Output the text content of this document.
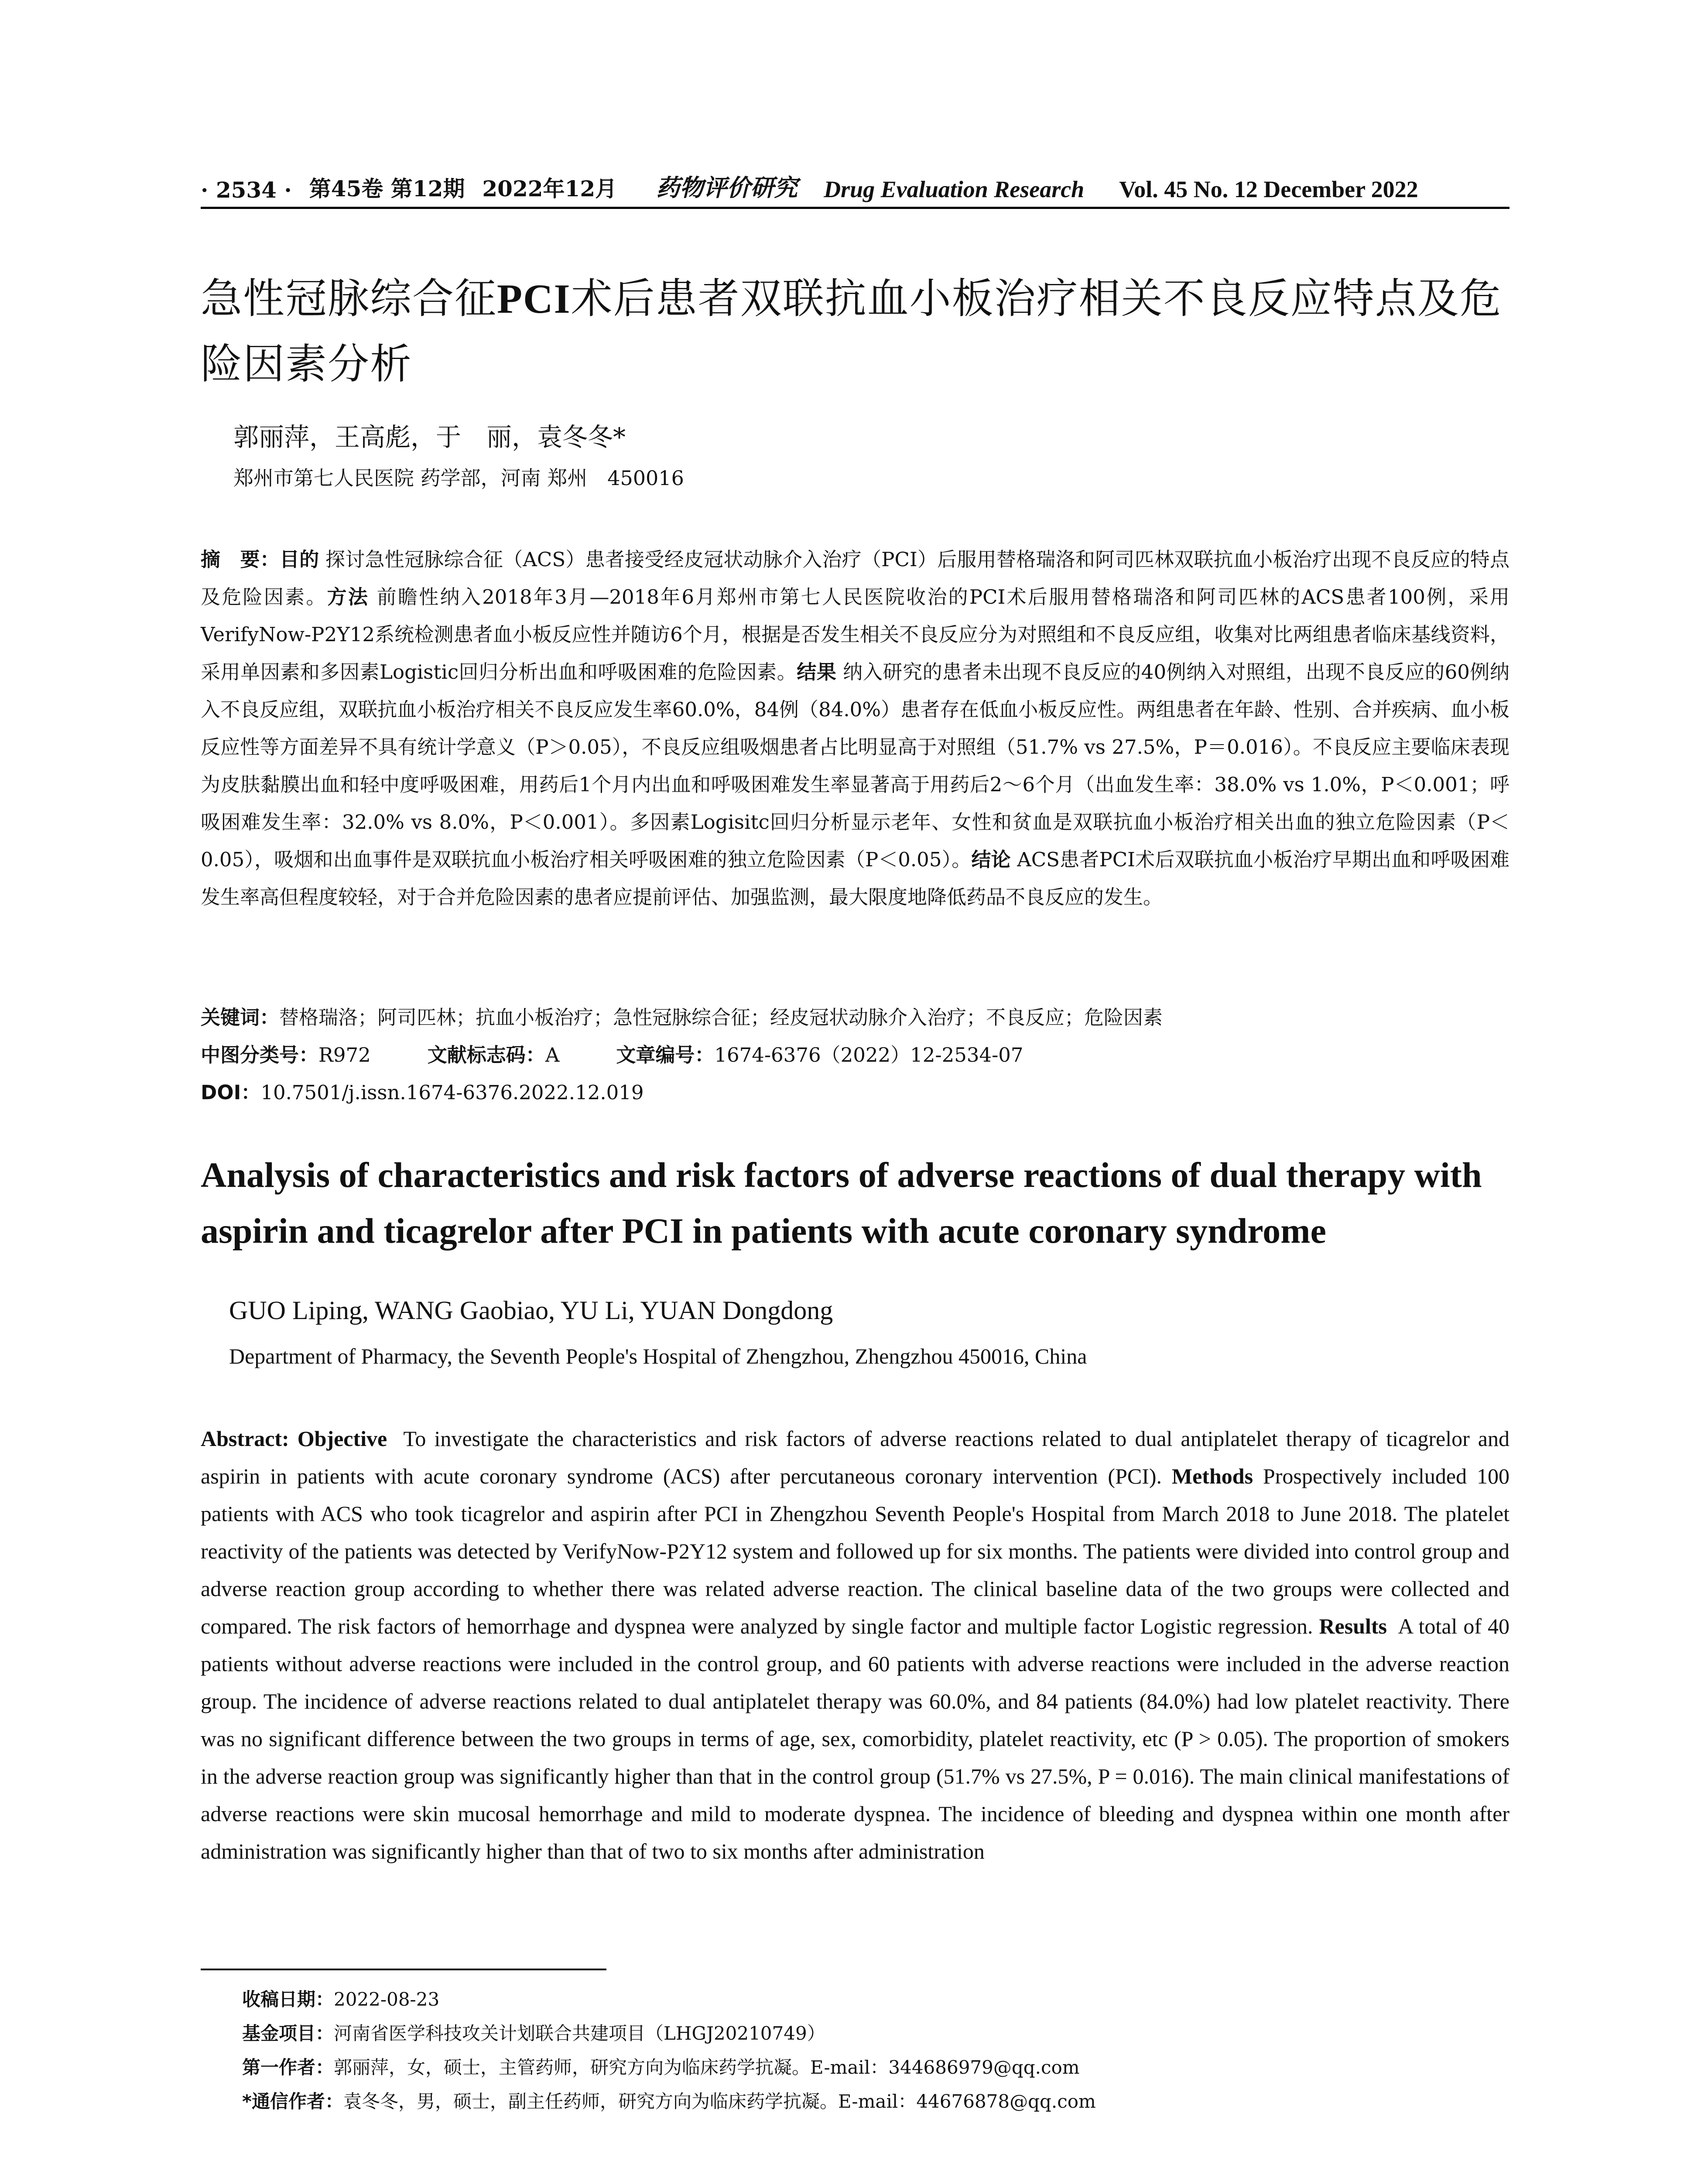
· 2534 · 第45卷 第12期 2022年12月 药物评价研究 Drug Evaluation Research Vol. 45 No. 12 December 2022
急性冠脉综合征PCI术后患者双联抗血小板治疗相关不良反应特点及危险因素分析
郭丽萍，王高彪，于　丽，袁冬冬*
郑州市第七人民医院 药学部，河南 郑州　450016
摘　要：目的 探讨急性冠脉综合征（ACS）患者接受经皮冠状动脉介入治疗（PCI）后服用替格瑞洛和阿司匹林双联抗血小板治疗出现不良反应的特点及危险因素。方法 前瞻性纳入2018年3月—2018年6月郑州市第七人民医院收治的PCI术后服用替格瑞洛和阿司匹林的ACS患者100例，采用VerifyNow-P2Y12系统检测患者血小板反应性并随访6个月，根据是否发生相关不良反应分为对照组和不良反应组，收集对比两组患者临床基线资料，采用单因素和多因素Logistic回归分析出血和呼吸困难的危险因素。结果 纳入研究的患者未出现不良反应的40例纳入对照组，出现不良反应的60例纳入不良反应组，双联抗血小板治疗相关不良反应发生率60.0%，84例（84.0%）患者存在低血小板反应性。两组患者在年龄、性别、合并疾病、血小板反应性等方面差异不具有统计学意义（P＞0.05），不良反应组吸烟患者占比明显高于对照组（51.7% vs 27.5%，P＝0.016）。不良反应主要临床表现为皮肤黏膜出血和轻中度呼吸困难，用药后1个月内出血和呼吸困难发生率显著高于用药后2～6个月（出血发生率：38.0% vs 1.0%，P＜0.001；呼吸困难发生率：32.0% vs 8.0%，P＜0.001）。多因素Logisitc回归分析显示老年、女性和贫血是双联抗血小板治疗相关出血的独立危险因素（P＜0.05），吸烟和出血事件是双联抗血小板治疗相关呼吸困难的独立危险因素（P＜0.05）。结论 ACS患者PCI术后双联抗血小板治疗早期出血和呼吸困难发生率高但程度较轻，对于合并危险因素的患者应提前评估、加强监测，最大限度地降低药品不良反应的发生。
关键词：替格瑞洛；阿司匹林；抗血小板治疗；急性冠脉综合征；经皮冠状动脉介入治疗；不良反应；危险因素
中图分类号：R972	文献标志码：A	文章编号：1674-6376（2022）12-2534-07
DOI：10.7501/j.issn.1674-6376.2022.12.019
Analysis of characteristics and risk factors of adverse reactions of dual therapy with aspirin and ticagrelor after PCI in patients with acute coronary syndrome
GUO Liping, WANG Gaobiao, YU Li, YUAN Dongdong
Department of Pharmacy, the Seventh People's Hospital of Zhengzhou, Zhengzhou 450016, China
Abstract: Objective To investigate the characteristics and risk factors of adverse reactions related to dual antiplatelet therapy of ticagrelor and aspirin in patients with acute coronary syndrome (ACS) after percutaneous coronary intervention (PCI). Methods Prospectively included 100 patients with ACS who took ticagrelor and aspirin after PCI in Zhengzhou Seventh People's Hospital from March 2018 to June 2018. The platelet reactivity of the patients was detected by VerifyNow-P2Y12 system and followed up for six months. The patients were divided into control group and adverse reaction group according to whether there was related adverse reaction. The clinical baseline data of the two groups were collected and compared. The risk factors of hemorrhage and dyspnea were analyzed by single factor and multiple factor Logistic regression. Results A total of 40 patients without adverse reactions were included in the control group, and 60 patients with adverse reactions were included in the adverse reaction group. The incidence of adverse reactions related to dual antiplatelet therapy was 60.0%, and 84 patients (84.0%) had low platelet reactivity. There was no significant difference between the two groups in terms of age, sex, comorbidity, platelet reactivity, etc (P > 0.05). The proportion of smokers in the adverse reaction group was significantly higher than that in the control group (51.7% vs 27.5%, P = 0.016). The main clinical manifestations of adverse reactions were skin mucosal hemorrhage and mild to moderate dyspnea. The incidence of bleeding and dyspnea within one month after administration was significantly higher than that of two to six months after administration
收稿日期：2022-08-23
基金项目：河南省医学科技攻关计划联合共建项目（LHGJ20210749）
第一作者：郭丽萍，女，硕士，主管药师，研究方向为临床药学抗凝。E-mail：344686979@qq.com
*通信作者：袁冬冬，男，硕士，副主任药师，研究方向为临床药学抗凝。E-mail：44676878@qq.com
